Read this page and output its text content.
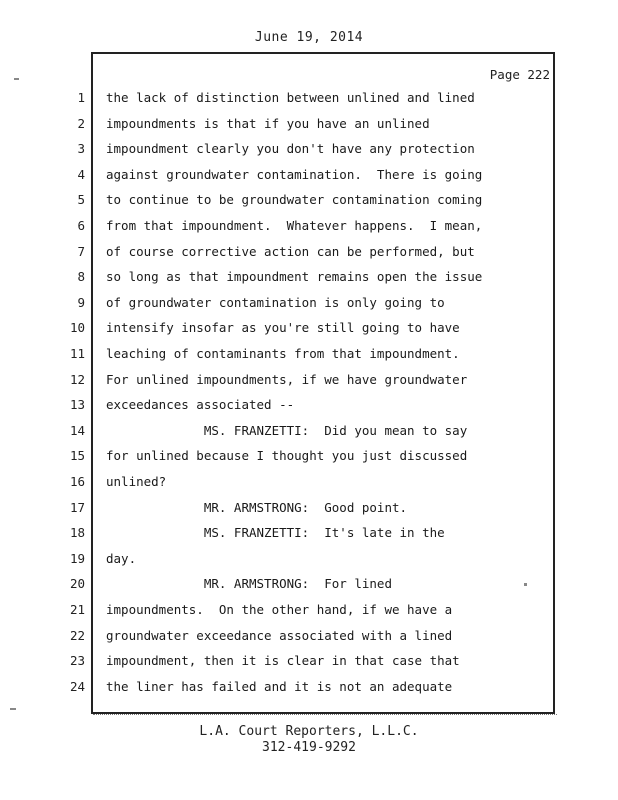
June 19, 2014
Page 222
1 the lack of distinction between unlined and lined
2 impoundments is that if you have an unlined
3 impoundment clearly you don't have any protection
4 against groundwater contamination.  There is going
5 to continue to be groundwater contamination coming
6 from that impoundment.  Whatever happens.  I mean,
7 of course corrective action can be performed, but
8 so long as that impoundment remains open the issue
9 of groundwater contamination is only going to
10 intensify insofar as you're still going to have
11 leaching of contaminants from that impoundment.
12 For unlined impoundments, if we have groundwater
13 exceedances associated --
14 MS. FRANZETTI:  Did you mean to say
15 for unlined because I thought you just discussed
16 unlined?
17 MR. ARMSTRONG:  Good point.
18 MS. FRANZETTI:  It's late in the
19 day.
20 MR. ARMSTRONG:  For lined
21 impoundments.  On the other hand, if we have a
22 groundwater exceedance associated with a lined
23 impoundment, then it is clear in that case that
24 the liner has failed and it is not an adequate
L.A. Court Reporters, L.L.C.
312-419-9292
